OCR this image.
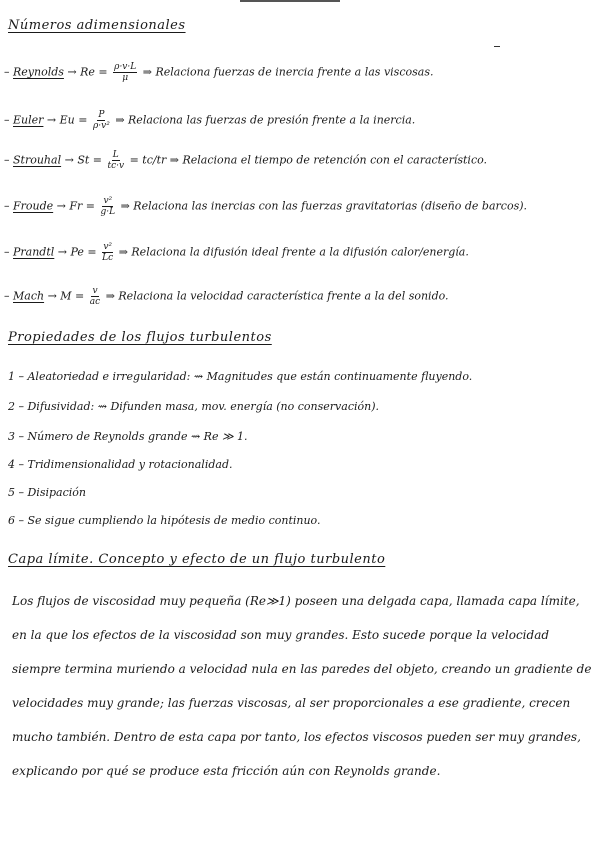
Números adimensionales
– Reynolds → $Re = \frac{\rho\cdot v\cdot L}{\mu}$ ⇒ Relaciona fuerzas de inercia frente a las viscosas.
– Euler → $Eu = \frac{P}{\text{ρ·v²}}$ ⇒ Relaciona las fuerzas de presión frente a la inercia.
– Strouhal → $St = \frac{L}{tc\cdot v} = tc/tr$ ⇒ Relaciona el tiempo de retención con el característico.
– Froude → $Fr = \frac{\text{v²}}{g\cdot L}$ ⇒ Relaciona las inercias con las fuerzas gravitatorias (diseño de barcos).
– Prandtl → $Pe = \frac{\text{v²}}{Lc}$ ⇒ Relaciona la difusión ideal frente a la difusión calor/energía.
– Mach → $M = \frac{v}{ac}$ ⇒ Relaciona la velocidad característica frente a la del sonido.
Propiedades de los flujos turbulentos
1 – Aleatoriedad e irregularidad: ⇝ Magnitudes que están continuamente fluyendo.
2 – Difusividad: ⇝ Difunden masa, mov. energía (no conservación).
3 – Número de Reynolds grande ⇝ Re ≫ 1.
4 – Tridimensionalidad y rotacionalidad.
5 – Disipación
6 – Se sigue cumpliendo la hipótesis de medio continuo.
Capa límite. Concepto y efecto de un flujo turbulento
Los flujos de viscosidad muy pequeña (Re≫1) poseen una delgada capa, llamada capa límite, en la que los efectos de la viscosidad son muy grandes. Esto sucede porque la velocidad siempre termina muriendo a velocidad nula en las paredes del objeto, creando un gradiente de velocidades muy grande; las fuerzas viscosas, al ser proporcionales a ese gradiente, crecen mucho también. Dentro de esta capa por tanto, los efectos viscosos pueden ser muy grandes, explicando por qué se produce esta fricción aún con Reynolds grande.
